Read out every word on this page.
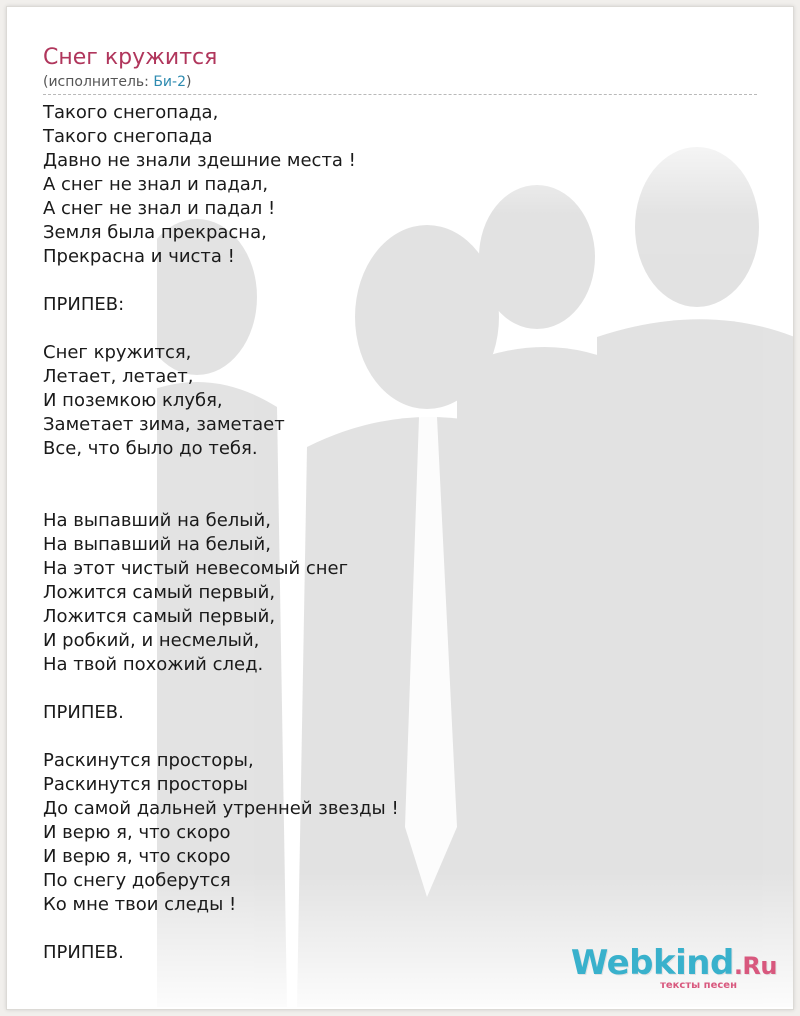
Снег кружится
(исполнитель: Би-2)
Такого снегопада,
Такого снегопада
Давно не знали здешние места !
А снег не знал и падал,
А снег не знал и падал !
Земля была прекрасна,
Прекрасна и чиста !
ПРИПЕВ:
Снег кружится,
Летает, летает,
И поземкою клубя,
Заметает зима, заметает
Все, что было до тебя.
На выпавший на белый,
На выпавший на белый,
На этот чистый невесомый снег
Ложится самый первый,
Ложится самый первый,
И робкий, и несмелый,
На твой похожий след.
ПРИПЕВ.
Раскинутся просторы,
Раскинутся просторы
До самой дальней утренней звезды !
И верю я, что скоро
И верю я, что скоро
По снегу доберутся
Ко мне твои следы !
ПРИПЕВ.	Webkind.Ru
тексты песен
